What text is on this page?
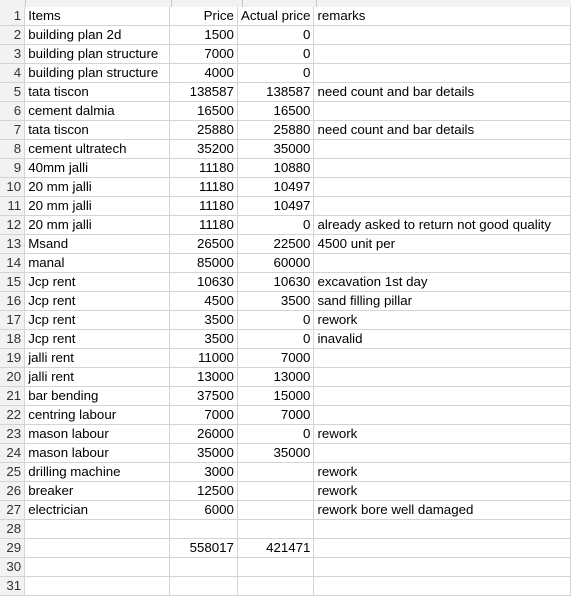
1	Items	Price	Actual price	remarks
2	building plan 2d	1500	0	
3	building plan structure	7000	0	
4	building plan structure	4000	0	
5	tata tiscon	138587	138587	need count and bar details
6	cement dalmia	16500	16500	
7	tata tiscon	25880	25880	need count and bar details
8	cement ultratech	35200	35000	
9	40mm jalli	11180	10880	
10	20 mm jalli	11180	10497	
11	20 mm jalli	11180	10497	
12	20 mm jalli	11180	0	already asked to return not good quality
13	Msand	26500	22500	4500 unit per
14	manal	85000	60000	
15	Jcp rent	10630	10630	excavation 1st day
16	Jcp rent	4500	3500	sand filling pillar
17	Jcp rent	3500	0	rework
18	Jcp rent	3500	0	inavalid
19	jalli rent	11000	7000	
20	jalli rent	13000	13000	
21	bar bending	37500	15000	
22	centring labour	7000	7000	
23	mason labour	26000	0	rework
24	mason labour	35000	35000	
25	drilling machine	3000		rework
26	breaker	12500		rework
27	electrician	6000		rework bore well damaged
28				
29		558017	421471	
30				
31				
